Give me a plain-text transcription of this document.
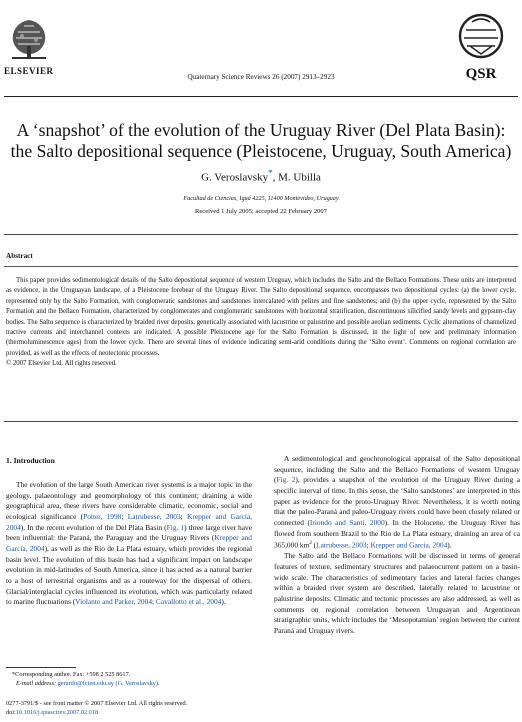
ELSEVIER
Quaternary Science Reviews 26 (2007) 2913–2923	QSR
A ‘snapshot’ of the evolution of the Uruguay River (Del Plata Basin):
the Salto depositional sequence (Pleistocene, Uruguay, South America)
G. Veroslavsky*, M. Ubilla
Facultad de Ciencias, Iguá 4225, 11400 Montevideo, Uruguay
Received 1 July 2005; accepted 22 February 2007
Abstract
This paper provides sedimentological details of the Salto depositional sequence of western Uruguay, which includes the Salto and the Bellaco Formations. These units are interpreted as evidence, in the Uruguayan landscape, of a Pleistocene forebear of the Uruguay River. The Salto depositional sequence, encompasses two depositional cycles: (a) the lower cycle, represented only by the Salto Formation, with conglomeratic sandstones and sandstones intercalated with pelites and fine sandstones; and (b) the upper cycle, represented by the Salto Formation and the Bellaco Formation, characterized by conglomerates and conglomeratic sandstones with horizontal stratification, discontinuous silicified sandy levels and gypsum-clay bodies. The Salto sequence is characterized by braided river deposits, genetically associated with lacustrine or palustrine and possible aeolian sediments. Cyclic alternations of channelized tractive currents and interchannel contexts are indicated. A possible Pleistocene age for the Salto Formation is discussed, in the light of new and preliminary information (thermoluminescence ages) from the lower cycle. There are several lines of evidence indicating semi-arid conditions during the ‘Salto event’. Comments on regional correlation are provided, as well as the effects of neotectonic processes.
© 2007 Elsevier Ltd. All rights reserved.
1. Introduction

The evolution of the large South American river systems is a major topic in the geology, palaeontology and geomorphology of this continent; draining a wide geographical area, these rivers have considerable climatic, economic, social and ecological significance (Potter, 1998; Latrubesse, 2003; Krepper and García, 2004). In the recent evolution of the Del Plata Basin (Fig. 1) three large river have been influential: the Paraná, the Paraguay and the Uruguay Rivers (Krepper and García, 2004), as well as the Río de La Plata estuary, which provides the regional basin level. The evolution of this basin has had a significant impact on landscape evolution in mid-latitudes of South America, since it has acted as a natural barrier to a host of terrestrial organisms and as a routeway for the dispersal of others. Glacial/interglacial cycles influenced its evolution, which was particularly related to marine fluctuations (Violante and Parker, 2004; Cavallotto et al., 2004).

A sedimentological and geochronological appraisal of the Salto depositional sequence, including the Salto and the Bellaco Formations of western Uruguay (Fig. 2), provides a snapshot of the evolution of the Uruguay River during a specific interval of time. In this sense, the ‘Salto sandstones’ are interpreted in this paper as evidence for the proto-Uruguay River. Nevertheless, it is worth noting that the paleo-Paraná and paleo-Uruguay rivers could have been closely related or connected (Iriondo and Santi, 2000). In the Holocene, the Uruguay River has flowed from southern Brazil to the Río de La Plata estuary, draining an area of ca 365,000 $km^2$ (Latrubesse, 2003; Krepper and García, 2004).

The Salto and the Bellaco Formations will be discussed in terms of general features of texture, sedimentary structures and palaeocurrent pattern on a basin-wide scale. The characteristics of sedimentary facies and lateral facies changes within a braided river system are described, laterally related to lacustrine or palustrine deposits. Climatic and tectonic processes are also addressed, as well as comments on regional correlation between Uruguayan and Argentinean stratigraphic units, which includes the ‘Mesopotamian’ region between the current Paraná and Uruguay rivers.

*Corresponding author. Fax: +598 2 525 8617.
E-mail address: gerardo@fcien.edu.uy (G. Veroslavsky).
0277-3791/$ - see front matter © 2007 Elsevier Ltd. All rights reserved.
doi:10.1016/j.quascirev.2007.02.018
